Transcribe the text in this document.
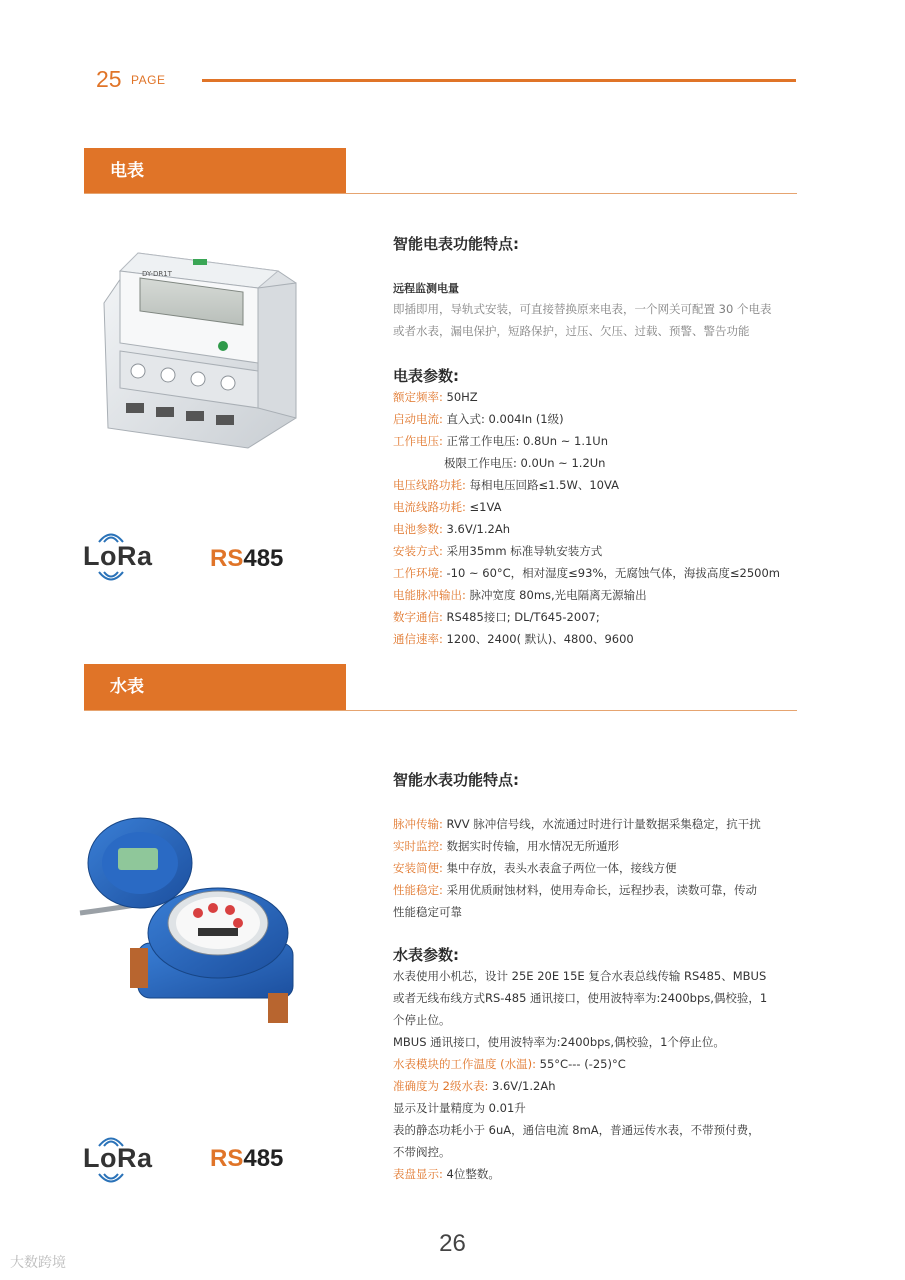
25 PAGE
电表
DY-DR1T
LoRa RS485
智能电表功能特点:
远程监测电量
即插即用，导轨式安装，可直接替换原来电表，一个网关可配置 30 个电表
或者水表，漏电保护，短路保护，过压、欠压、过载、预警、警告功能
电表参数:
额定频率: 50HZ
启动电流: 直入式: 0.004In (1级)
工作电压: 正常工作电压: 0.8Un ~ 1.1Un
极限工作电压: 0.0Un ~ 1.2Un
电压线路功耗: 每相电压回路≤1.5W、10VA
电流线路功耗: ≤1VA
电池参数: 3.6V/1.2Ah
安装方式: 采用35mm 标准导轨安装方式
工作环境: -10 ~ 60°C，相对湿度≤93%，无腐蚀气体，海拔高度≤2500m
电能脉冲输出: 脉冲宽度 80ms,光电隔离无源输出
数字通信: RS485接口; DL/T645-2007;
通信速率: 1200、2400( 默认)、4800、9600
水表
LoRa RS485
智能水表功能特点:
脉冲传输: RVV 脉冲信号线，水流通过时进行计量数据采集稳定，抗干扰
实时监控: 数据实时传输，用水情况无所遁形
安装简便: 集中存放，表头水表盒子两位一体，接线方便
性能稳定: 采用优质耐蚀材料，使用寿命长，远程抄表，读数可靠，传动
性能稳定可靠
水表参数:
水表使用小机芯，设计 25E 20E 15E 复合水表总线传输 RS485、MBUS
或者无线布线方式RS-485 通讯接口，使用波特率为:2400bps,偶校验，1
个停止位。
MBUS 通讯接口，使用波特率为:2400bps,偶校验，1个停止位。
水表模块的工作温度 (水温): 55°C--- (-25)°C
准确度为 2级水表: 3.6V/1.2Ah
显示及计量精度为 0.01升
表的静态功耗小于 6uA，通信电流 8mA，普通远传水表，不带预付费，
不带阀控。
表盘显示: 4位整数。
26
大数跨境
